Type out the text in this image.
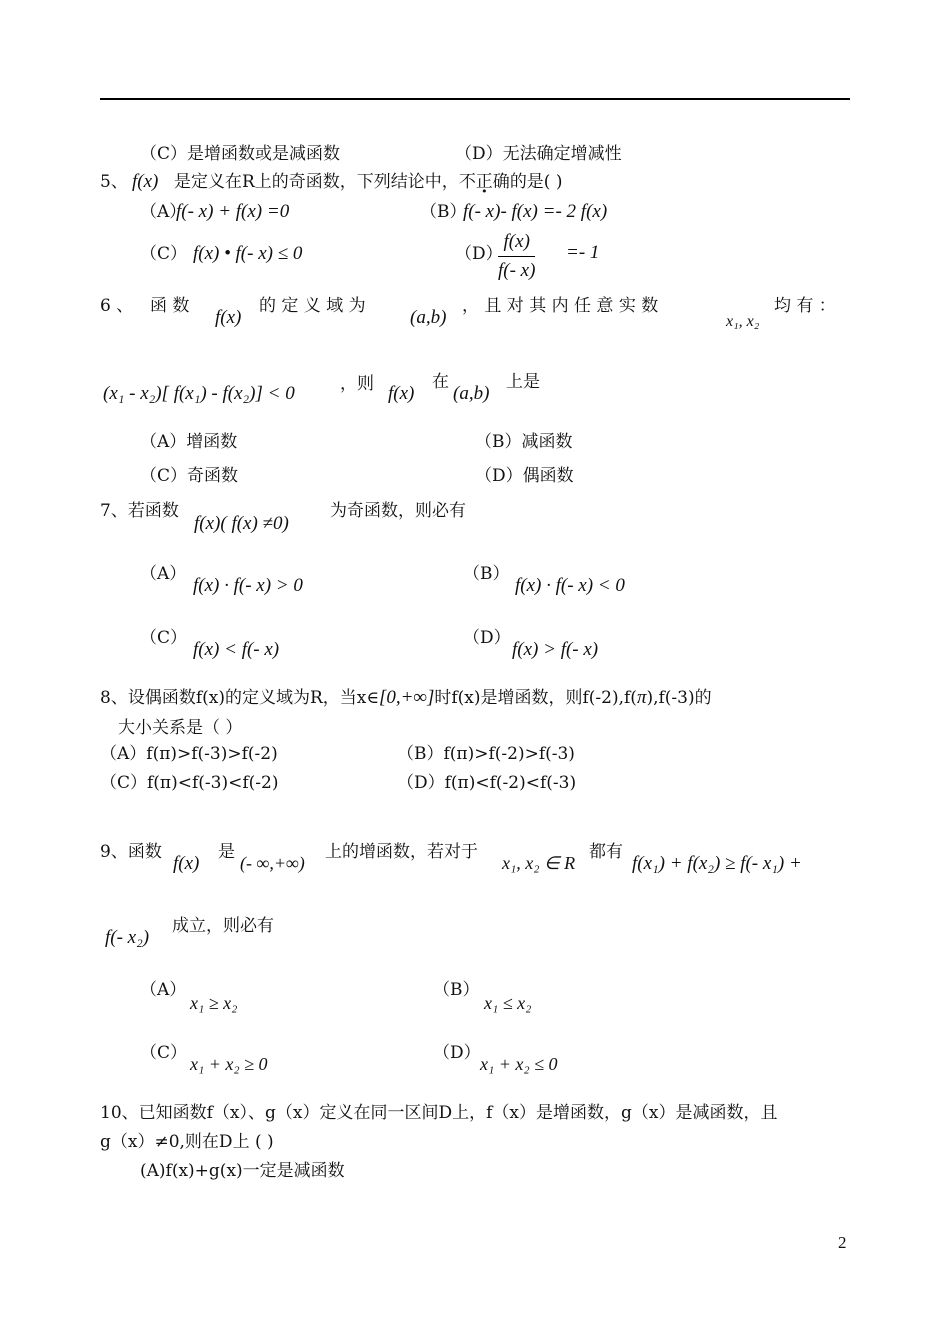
（C）是增函数或是减函数	（D）无法确定增减性
5、 f(x) 是定义在R上的奇函数，下列结论中，不正确的是( )
（A）
f(- x) + f(x) =0	（B）
f(- x)- f(x) =- 2 f(x)
（C） f(x) • f(- x) ≤ 0	（D）
$\frac{f(x)}{f(- x)} =- 1$
6 、 函 数
f(x)
的 定 义 域 为
(a,b)
， 且 对 其 内 任 意 实 数
x₁, x₂
均 有 ：
(x₁ - x₂)[ f(x₁) - f(x₂)] < 0	，则 f(x)
在
(a,b)
上是
（A）增函数	（B）减函数
（C）奇函数	（D）偶函数
7、若函数
f(x)( f(x) ≠0)
为奇函数，则必有
（A）
f(x) · f(- x) > 0
（B）
f(x) · f(- x) < 0
（C）
f(x) < f(- x)
（D）
f(x) > f(- x)
8、设偶函数f(x)的定义域为R，当x∈[0,+∞]时f(x)是增函数，则f(-2),f(π),f(-3)的
大小关系是（ ）
（A）f(π)>f(-3)>f(-2)	（B）f(π)>f(-2)>f(-3)
（C）f(π)<f(-3)<f(-2)	（D）f(π)<f(-2)<f(-3)
9、函数
f(x)
是
(- ∞,+∞)
上的增函数，若对于
x₁, x₂ ∈ R
都有
f(x₁) + f(x₂) ≥ f(- x₁) +
f(- x₂)
成立，则必有
（A）
x₁ ≥ x₂
（B）
x₁ ≤ x₂
（C）
x₁ + x₂ ≥ 0
（D）
x₁ + x₂ ≤ 0
10、已知函数f（x）、g（x）定义在同一区间D上，f（x）是增函数，g（x）是减函数，且
g（x）≠0,则在D上 ( )
(A)f(x)+g(x)一定是减函数
2
